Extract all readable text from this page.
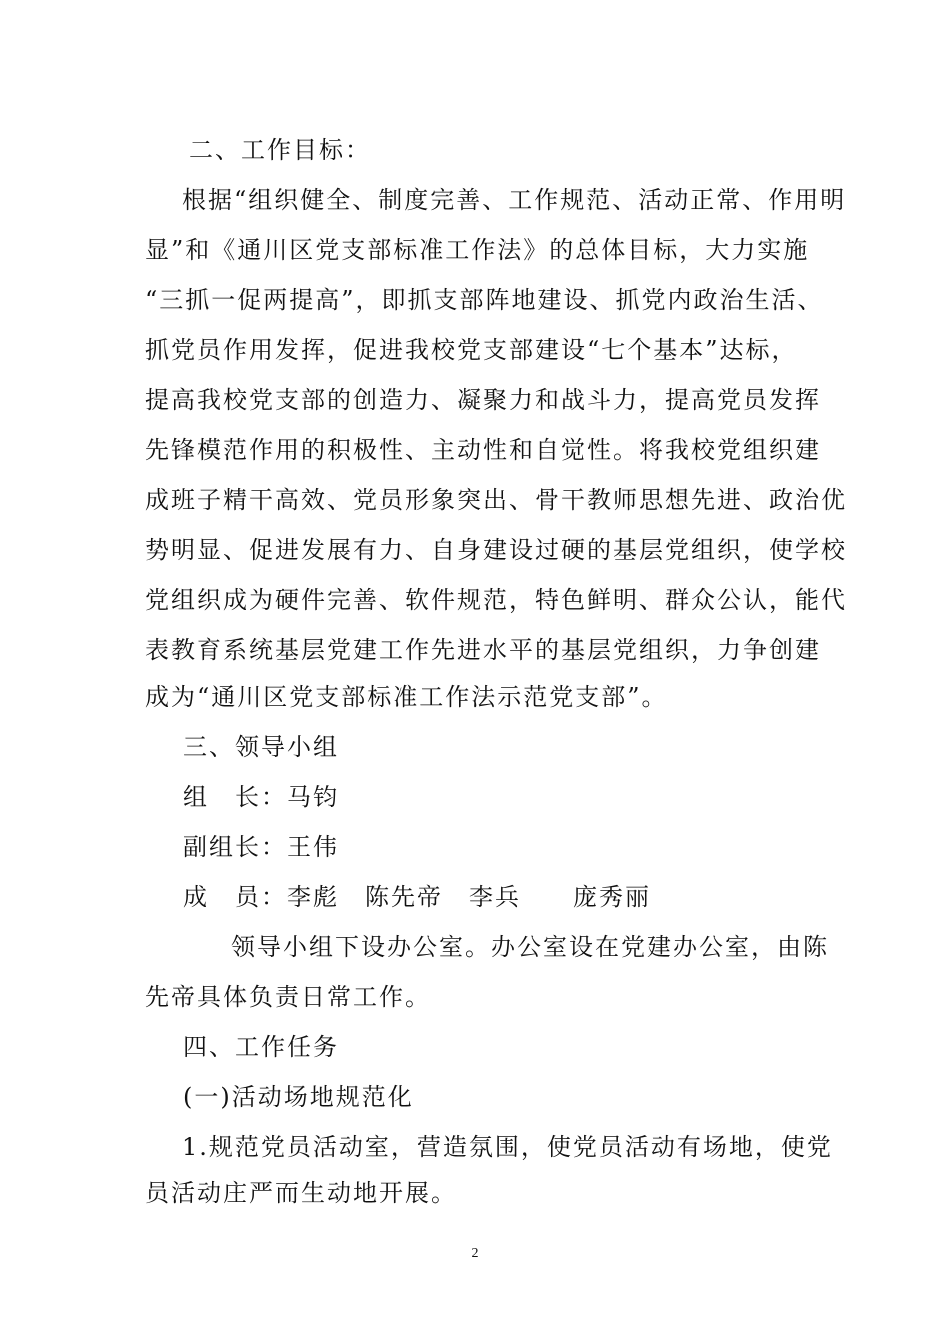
二、工作目标：
根据“组织健全、制度完善、工作规范、活动正常、作用明
显”和《通川区党支部标准工作法》的总体目标，大力实施
“三抓一促两提高”，即抓支部阵地建设、抓党内政治生活、
抓党员作用发挥，促进我校党支部建设“七个基本”达标，
提高我校党支部的创造力、凝聚力和战斗力，提高党员发挥
先锋模范作用的积极性、主动性和自觉性。将我校党组织建
成班子精干高效、党员形象突出、骨干教师思想先进、政治优
势明显、促进发展有力、自身建设过硬的基层党组织，使学校
党组织成为硬件完善、软件规范，特色鲜明、群众公认，能代
表教育系统基层党建工作先进水平的基层党组织，力争创建
成为“通川区党支部标准工作法示范党支部”。
三、领导小组
组　长：马钧
副组长：王伟
成　员：李彪　陈先帝　李兵　　庞秀丽
领导小组下设办公室。办公室设在党建办公室，由陈
先帝具体负责日常工作。
四、工作任务
(一)活动场地规范化
1.规范党员活动室，营造氛围，使党员活动有场地，使党
员活动庄严而生动地开展。
2
